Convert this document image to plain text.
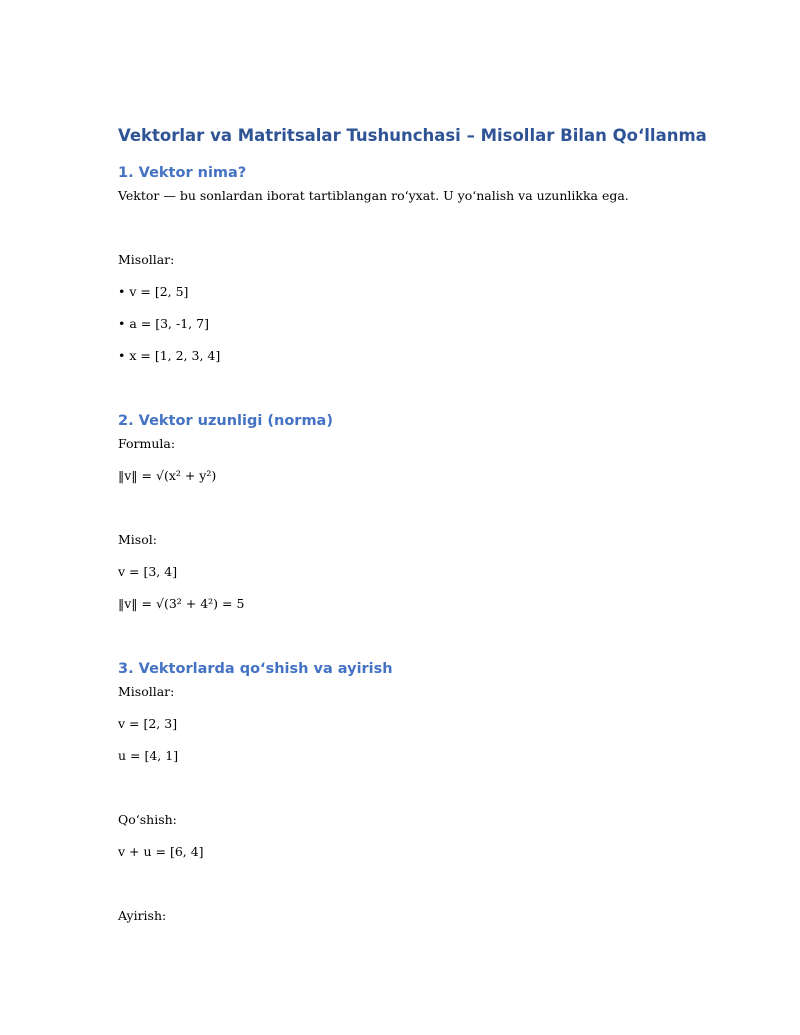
Vektorlar va Matritsalar Tushunchasi – Misollar Bilan Qo‘llanma
1. Vektor nima?
Vektor — bu sonlardan iborat tartiblangan ro‘yxat. U yo‘nalish va uzunlikka ega.
Misollar:
• v = [2, 5]
• a = [3, -1, 7]
• x = [1, 2, 3, 4]
2. Vektor uzunligi (norma)
Formula:
‖v‖ = √(x² + y²)
Misol:
v = [3, 4]
‖v‖ = √(3² + 4²) = 5
3. Vektorlarda qo‘shish va ayirish
Misollar:
v = [2, 3]
u = [4, 1]
Qo‘shish:
v + u = [6, 4]
Ayirish:
